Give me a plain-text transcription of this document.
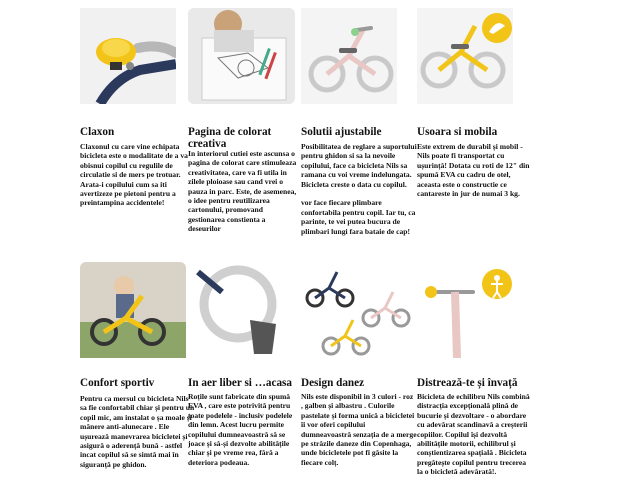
Claxon
Claxonul cu care vine echipata bicicleta este o modalitate de a va obisnui copilul cu regulile de circulatie si de mers pe trotuar. Arata-i copilului cum sa iti avertizeze pe pietoni pentru a preintampina accidentele!
Pagina de colorat creativa
In interiorul cutiei este ascunsa o pagina de colorat care stimuleaza creativitatea, care va fi utila in zilele ploioase sau cand vrei o pauza in parc. Este, de asemenea, o idee pentru reutilizarea cartonului, promovand gestionarea constienta a deseurilor
Solutii ajustabile
Posibilitatea de reglare a suportului pentru ghidon si sa la nevoile copilului, face ca bicicleta Nils sa ramana cu voi vreme indelungata. Bicicleta creste o data cu copilul.

vor face fiecare plimbare confortabila pentru copil. Iar tu, ca parinte, te vei putea bucura de plimbari lungi fara bataie de cap!
Usoara si mobila
Este extrem de durabil și mobil - Nils poate fi transportat cu ușurință! Dotata cu roti de 12" din spumă EVA cu cadru de otel, aceasta este o constructie ce cantareste in jur de numai 3 kg.
Confort sportiv
Pentru ca mersul cu bicicleta Nils sa fie confortabil chiar și pentru un copil mic, am instalat o șa moale și mânere anti-alunecare . Ele ușurează manevrarea bicicletei și asigură o aderență bună - astfel incat copilul să se simtă mai în siguranță pe ghidon.
In aer liber si …acasa
Roțile sunt fabricate din spumă EVA , care este potrivită pentru toate podelele - inclusiv podelele din lemn. Acest lucru permite copilului dumneavoastră să se joace și să-și dezvolte abilitățile chiar și pe vreme rea, fără a deteriora podeaua.
Design danez
Nils este disponibil in 3 culori - roz , galben și albastru . Culorile pastelate și forma unică a bicicletei îi vor oferi copilului dumneavoastră senzația de a merge pe străzile daneze din Copenhaga, unde bicicletele pot fi găsite la fiecare colț.
Distrează-te și învață
Bicicleta de echilibru Nils combină distracția excepțională plină de bucurie și dezvoltare - o abordare cu adevărat scandinavă a creșterii copiilor. Copilul își dezvoltă abilitățile motorii, echilibrul și conștientizarea spațială . Bicicleta pregătește copilul pentru trecerea la o bicicletă adevărată!.
